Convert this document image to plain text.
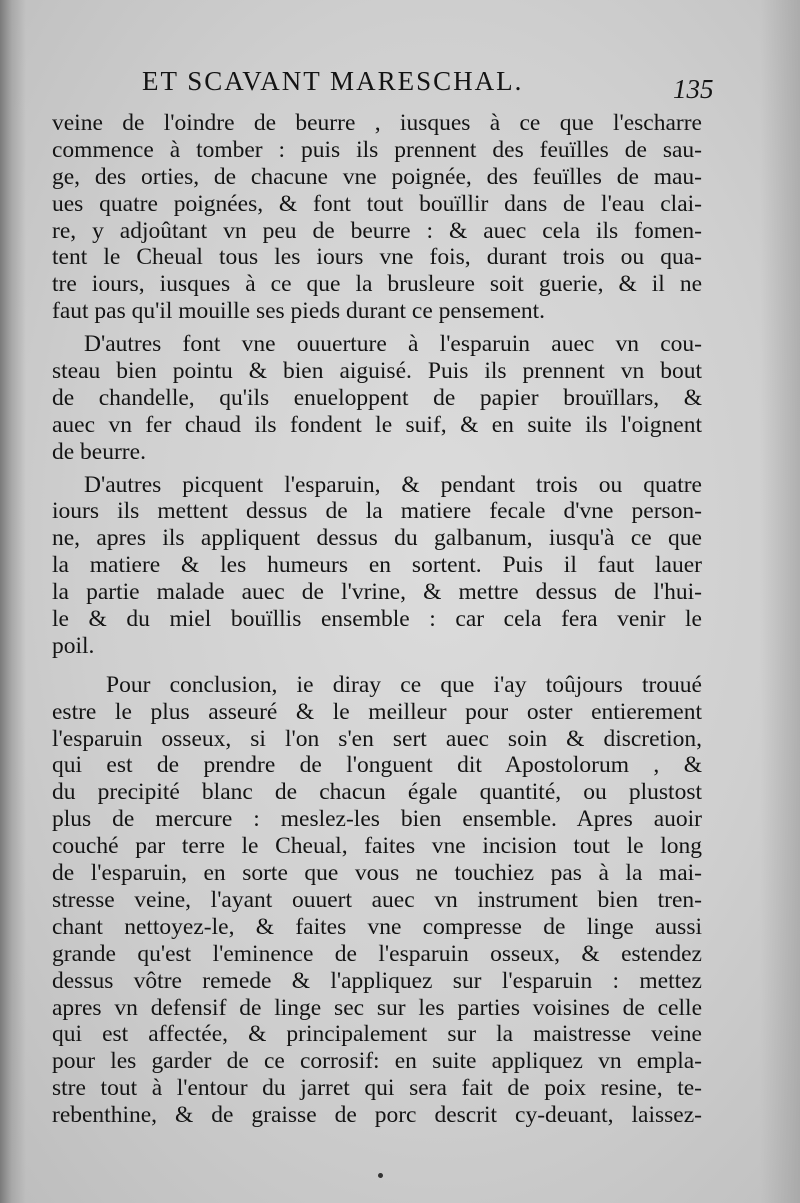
ET SCAVANT MARESCHAL.	135
veine de l'oindre de beurre , iusques à ce que l'escharre
commence à tomber : puis ils prennent des feuïlles de sau-
ge, des orties, de chacune vne poignée, des feuïlles de mau-
ues quatre poignées, & font tout bouïllir dans de l'eau clai-
re, y adjoûtant vn peu de beurre : & auec cela ils fomen-
tent le Cheual tous les iours vne fois, durant trois ou qua-
tre iours, iusques à ce que la brusleure soit guerie, & il ne
faut pas qu'il mouille ses pieds durant ce pensement.
D'autres font vne ouuerture à l'esparuin auec vn cou-
steau bien pointu & bien aiguisé. Puis ils prennent vn bout
de chandelle, qu'ils enueloppent de papier brouïllars, &
auec vn fer chaud ils fondent le suif, & en suite ils l'oignent
de beurre.
D'autres picquent l'esparuin, & pendant trois ou quatre
iours ils mettent dessus de la matiere fecale d'vne person-
ne, apres ils appliquent dessus du galbanum, iusqu'à ce que
la matiere & les humeurs en sortent. Puis il faut lauer
la partie malade auec de l'vrine, & mettre dessus de l'hui-
le & du miel bouïllis ensemble : car cela fera venir le
poil.
Pour conclusion, ie diray ce que i'ay toûjours trouué
estre le plus asseuré & le meilleur pour oster entierement
l'esparuin osseux, si l'on s'en sert auec soin & discretion,
qui est de prendre de l'onguent dit Apostolorum , &
du precipité blanc de chacun égale quantité, ou plustost
plus de mercure : meslez-les bien ensemble. Apres auoir
couché par terre le Cheual, faites vne incision tout le long
de l'esparuin, en sorte que vous ne touchiez pas à la mai-
stresse veine, l'ayant ouuert auec vn instrument bien tren-
chant nettoyez-le, & faites vne compresse de linge aussi
grande qu'est l'eminence de l'esparuin osseux, & estendez
dessus vôtre remede & l'appliquez sur l'esparuin : mettez
apres vn defensif de linge sec sur les parties voisines de celle
qui est affectée, & principalement sur la maistresse veine
pour les garder de ce corrosif: en suite appliquez vn empla-
stre tout à l'entour du jarret qui sera fait de poix resine, te-
rebenthine, & de graisse de porc descrit cy-deuant, laissez-
